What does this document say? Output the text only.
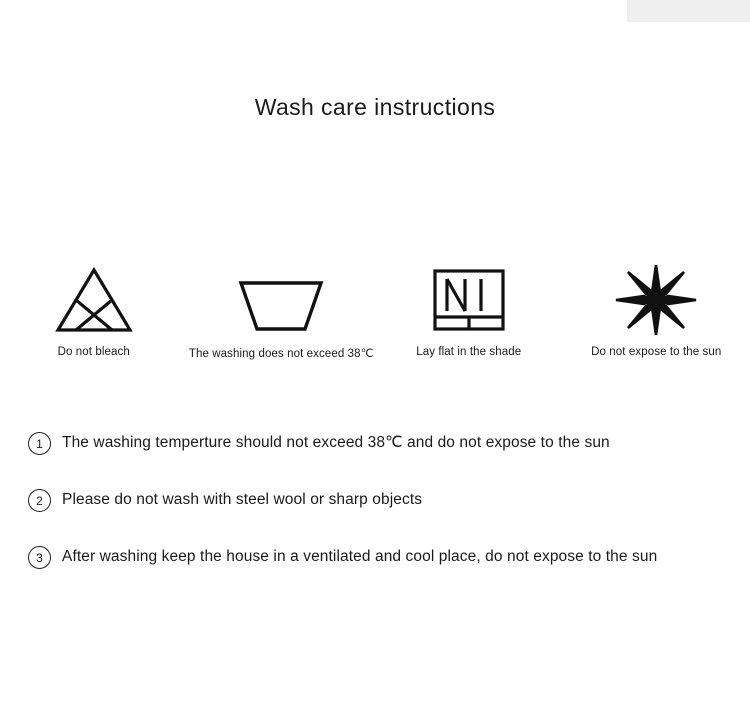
Wash care instructions
Do not bleach	The washing does not exceed 38℃	Lay flat in the shade	Do not expose to the sun
1	The washing temperture should not exceed 38℃ and do not expose to the sun
2	Please do not wash with steel wool or sharp objects
3	After washing keep the house in a ventilated and cool place, do not expose to the sun
